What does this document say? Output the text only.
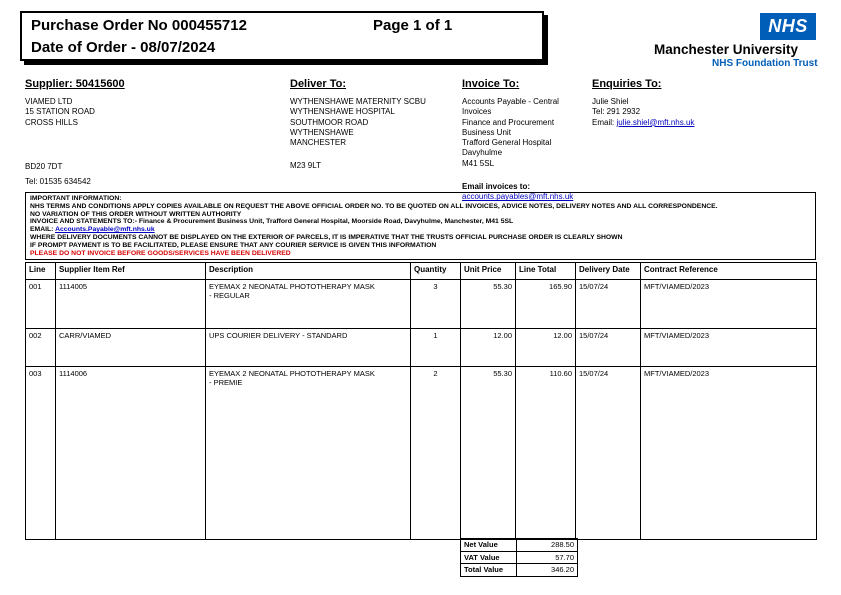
Purchase Order No 000455712	Page 1 of 1
Date of Order - 08/07/2024
NHS
Manchester University
NHS Foundation Trust
Supplier: 50415600
VIAMED LTD
15 STATION ROAD
CROSS HILLS
BD20 7DT
Tel: 01535 634542
Deliver To:
WYTHENSHAWE MATERNITY SCBU
WYTHENSHAWE HOSPITAL
SOUTHMOOR ROAD
WYTHENSHAWE
MANCHESTER
M23 9LT
Invoice To:
Accounts Payable - Central
Invoices
Finance and Procurement
Business Unit
Trafford General Hospital
Davyhulme
M41 5SL
Email invoices to:
accounts.payables@mft.nhs.uk
Enquiries To:
Julie Shiel
Tel: 291 2932
Email: julie.shiel@mft.nhs.uk
IMPORTANT INFORMATION:
NHS TERMS AND CONDITIONS APPLY COPIES AVAILABLE ON REQUEST THE ABOVE OFFICIAL ORDER NO. TO BE QUOTED ON ALL INVOICES, ADVICE NOTES, DELIVERY NOTES AND ALL CORRESPONDENCE.
NO VARIATION OF THIS ORDER WITHOUT WRITTEN AUTHORITY
INVOICE AND STATEMENTS TO:- Finance & Procurement Business Unit, Trafford General Hospital, Moorside Road, Davyhulme, Manchester, M41 5SL
EMAIL: Accounts.Payable@mft.nhs.uk
WHERE DELIVERY DOCUMENTS CANNOT BE DISPLAYED ON THE EXTERIOR OF PARCELS, IT IS IMPERATIVE THAT THE TRUSTS OFFICIAL PURCHASE ORDER IS CLEARLY SHOWN
IF PROMPT PAYMENT IS TO BE FACILITATED, PLEASE ENSURE THAT ANY COURIER SERVICE IS GIVEN THIS INFORMATION
PLEASE DO NOT INVOICE BEFORE GOODS/SERVICES HAVE BEEN DELIVERED
Line	Supplier Item Ref	Description	Quantity	Unit Price	Line Total	Delivery Date	Contract Reference
001	1114005	EYEMAX 2 NEONATAL PHOTOTHERAPY MASK - REGULAR	3	55.30	165.90	15/07/24	MFT/VIAMED/2023
002	CARR/VIAMED	UPS COURIER DELIVERY - STANDARD	1	12.00	12.00	15/07/24	MFT/VIAMED/2023
003	1114006	EYEMAX 2 NEONATAL PHOTOTHERAPY MASK - PREMIE	2	55.30	110.60	15/07/24	MFT/VIAMED/2023
Net Value	288.50
VAT Value	57.70
Total Value	346.20
